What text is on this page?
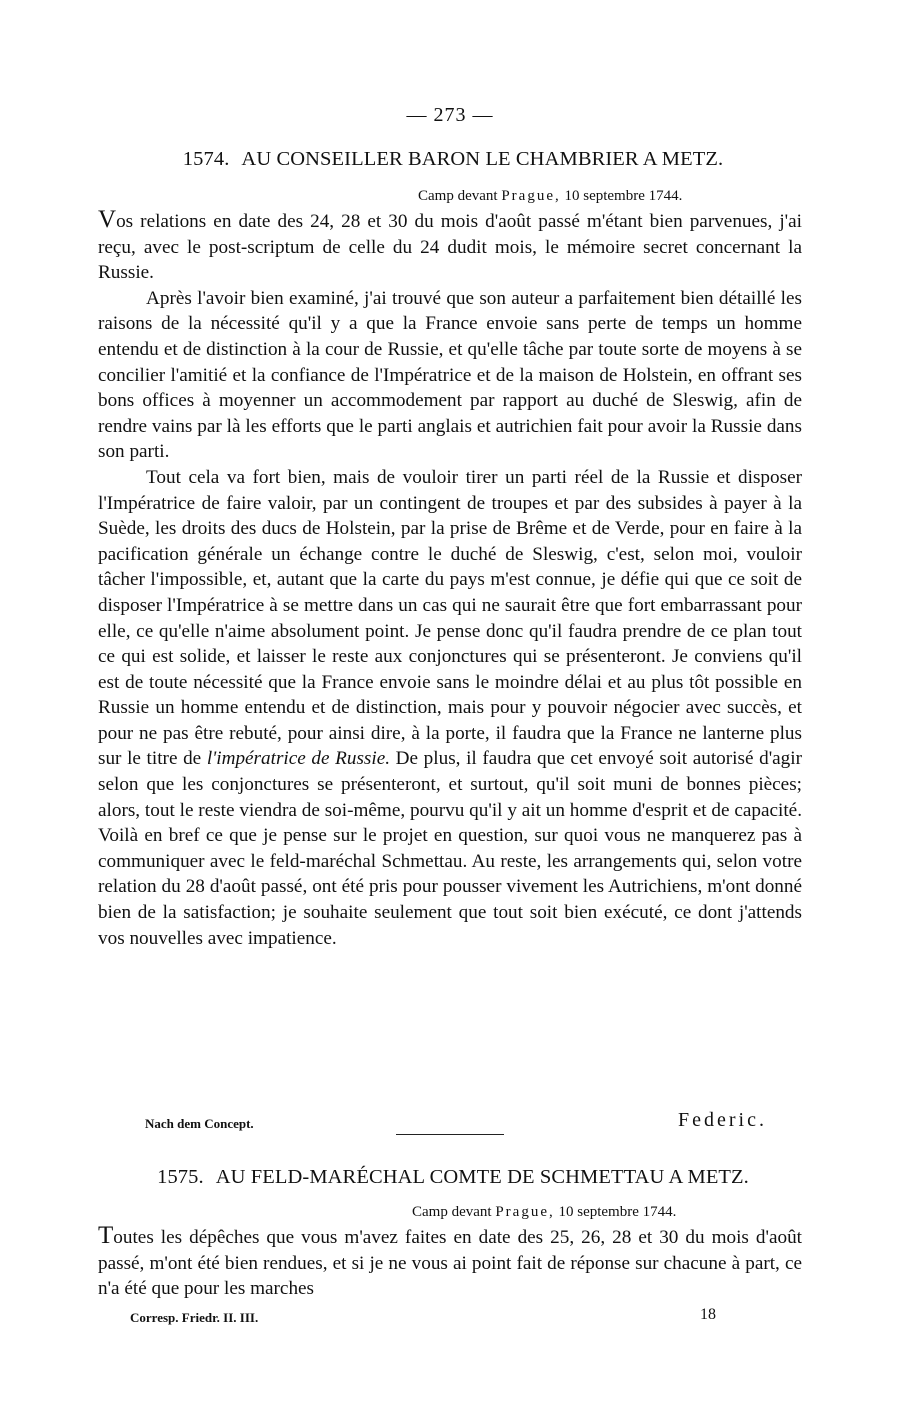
— 273 —
1574. AU CONSEILLER BARON LE CHAMBRIER A METZ.
Camp devant Prague, 10 septembre 1744.

Vos relations en date des 24, 28 et 30 du mois d'août passé m'étant bien parvenues, j'ai reçu, avec le post-scriptum de celle du 24 dudit mois, le mémoire secret concernant la Russie.

Après l'avoir bien examiné, j'ai trouvé que son auteur a parfaitement bien détaillé les raisons de la nécessité qu'il y a que la France envoie sans perte de temps un homme entendu et de distinction à la cour de Russie, et qu'elle tâche par toute sorte de moyens à se concilier l'amitié et la confiance de l'Impératrice et de la maison de Holstein, en offrant ses bons offices à moyenner un accommodement par rapport au duché de Sleswig, afin de rendre vains par là les efforts que le parti anglais et autrichien fait pour avoir la Russie dans son parti.

Tout cela va fort bien, mais de vouloir tirer un parti réel de la Russie et disposer l'Impératrice de faire valoir, par un contingent de troupes et par des subsides à payer à la Suède, les droits des ducs de Holstein, par la prise de Brême et de Verde, pour en faire à la pacification générale un échange contre le duché de Sleswig, c'est, selon moi, vouloir tâcher l'impossible, et, autant que la carte du pays m'est connue, je défie qui que ce soit de disposer l'Impératrice à se mettre dans un cas qui ne saurait être que fort embarrassant pour elle, ce qu'elle n'aime absolument point. Je pense donc qu'il faudra prendre de ce plan tout ce qui est solide, et laisser le reste aux conjonctures qui se présenteront. Je conviens qu'il est de toute nécessité que la France envoie sans le moindre délai et au plus tôt possible en Russie un homme entendu et de distinction, mais pour y pouvoir négocier avec succès, et pour ne pas être rebuté, pour ainsi dire, à la porte, il faudra que la France ne lanterne plus sur le titre de l'impératrice de Russie. De plus, il faudra que cet envoyé soit autorisé d'agir selon que les conjonctures se présenteront, et surtout, qu'il soit muni de bonnes pièces; alors, tout le reste viendra de soi-même, pourvu qu'il y ait un homme d'esprit et de capacité. Voilà en bref ce que je pense sur le projet en question, sur quoi vous ne manquerez pas à communiquer avec le feld-maréchal Schmettau. Au reste, les arrangements qui, selon votre relation du 28 d'août passé, ont été pris pour pousser vivement les Autrichiens, m'ont donné bien de la satisfaction; je souhaite seulement que tout soit bien exécuté, ce dont j'attends vos nouvelles avec impatience.

Nach dem Concept.	Federic.
1575. AU FELD-MARÉCHAL COMTE DE SCHMETTAU A METZ.
Camp devant Prague, 10 septembre 1744.

Toutes les dépêches que vous m'avez faites en date des 25, 26, 28 et 30 du mois d'août passé, m'ont été bien rendues, et si je ne vous ai point fait de réponse sur chacune à part, ce n'a été que pour les marches

Corresp. Friedr. II. III.	18
